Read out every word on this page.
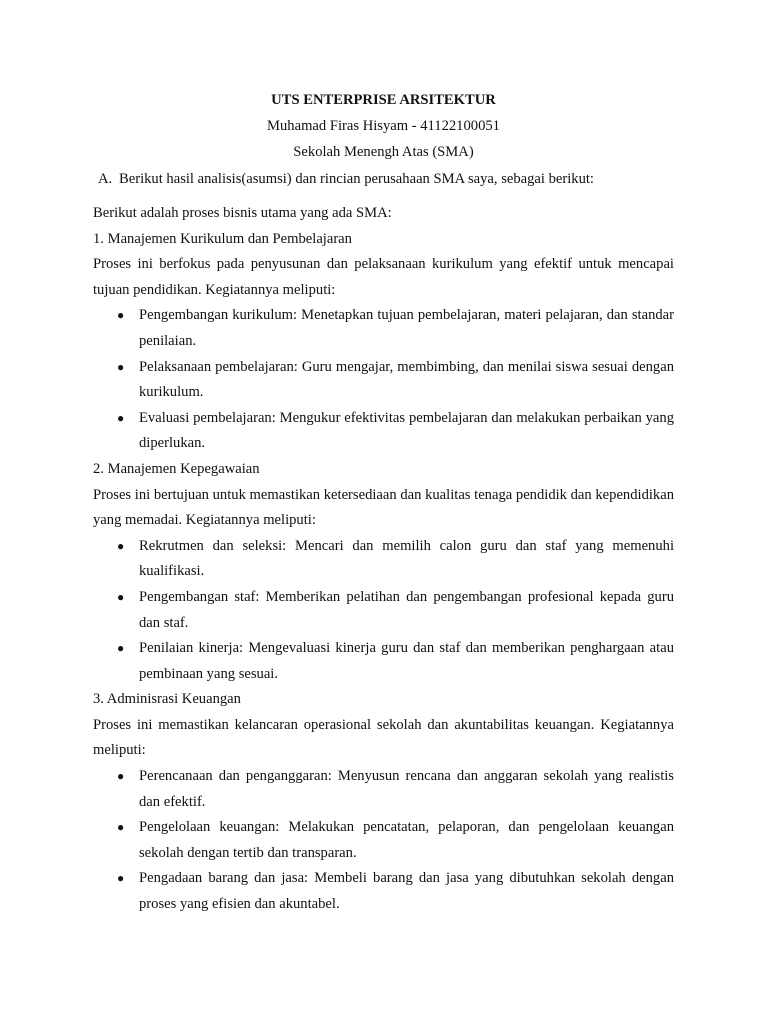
UTS ENTERPRISE ARSITEKTUR
Muhamad Firas Hisyam - 41122100051
Sekolah Menengh Atas (SMA)
A. Berikut hasil analisis(asumsi) dan rincian perusahaan SMA saya, sebagai berikut:
Berikut adalah proses bisnis utama yang ada SMA:
1. Manajemen Kurikulum dan Pembelajaran
Proses ini berfokus pada penyusunan dan pelaksanaan kurikulum yang efektif untuk mencapai tujuan pendidikan. Kegiatannya meliputi:
● Pengembangan kurikulum: Menetapkan tujuan pembelajaran, materi pelajaran, dan standar penilaian.
● Pelaksanaan pembelajaran: Guru mengajar, membimbing, dan menilai siswa sesuai dengan kurikulum.
● Evaluasi pembelajaran: Mengukur efektivitas pembelajaran dan melakukan perbaikan yang diperlukan.
2. Manajemen Kepegawaian
Proses ini bertujuan untuk memastikan ketersediaan dan kualitas tenaga pendidik dan kependidikan yang memadai. Kegiatannya meliputi:
● Rekrutmen dan seleksi: Mencari dan memilih calon guru dan staf yang memenuhi kualifikasi.
● Pengembangan staf: Memberikan pelatihan dan pengembangan profesional kepada guru dan staf.
● Penilaian kinerja: Mengevaluasi kinerja guru dan staf dan memberikan penghargaan atau pembinaan yang sesuai.
3. Adminisrasi Keuangan
Proses ini memastikan kelancaran operasional sekolah dan akuntabilitas keuangan. Kegiatannya meliputi:
● Perencanaan dan penganggaran: Menyusun rencana dan anggaran sekolah yang realistis dan efektif.
● Pengelolaan keuangan: Melakukan pencatatan, pelaporan, dan pengelolaan keuangan sekolah dengan tertib dan transparan.
● Pengadaan barang dan jasa: Membeli barang dan jasa yang dibutuhkan sekolah dengan proses yang efisien dan akuntabel.
